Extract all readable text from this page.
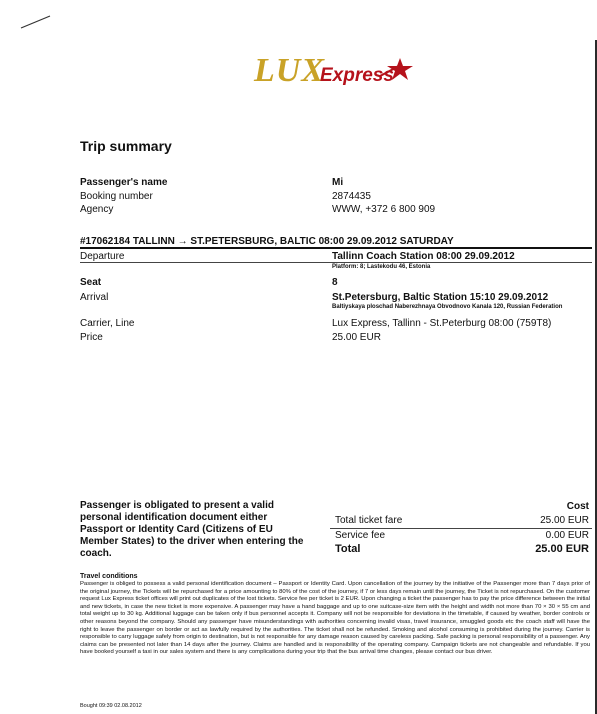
LUX
Express
Trip summary
Passenger's name	Mi
Booking number	2874435
Agency	WWW, +372 6 800 909
#17062184 TALLINN → ST.PETERSBURG, BALTIC 08:00 29.09.2012 SATURDAY
Departure	Tallinn Coach Station 08:00 29.09.2012
Platform: 8; Lastekodu 46, Estonia
Seat	8
Arrival	St.Petersburg, Baltic Station 15:10 29.09.2012
Baltiyskaya ploschad Naberezhnaya Obvodnovo Kanala 120, Russian Federation
Carrier, Line	Lux Express, Tallinn - St.Peterburg 08:00 (759T8)
Price	25.00 EUR
Passenger is obligated to present a valid personal identification document either Passport or Identity Card (Citizens of EU Member States) to the driver when entering the coach.
Cost
Total ticket fare	25.00 EUR
Service fee	0.00 EUR
Total	25.00 EUR
Travel conditions
Passenger is obliged to possess a valid personal identification document – Passport or Identity Card. Upon cancellation of the journey by the initiative of the Passenger more than 7 days prior of the original journey, the Tickets will be repurchased for a price amounting to 80% of the cost of the journey, if 7 or less days remain until the journey, the Ticket is not repurchased. On the customer request Lux Express ticket offices will print out duplicates of the lost tickets. Service fee per ticket is 2 EUR. Upon changing a ticket the passenger has to pay the price difference between the initial and new tickets, in case the new ticket is more expensive. A passenger may have a hand baggage and up to one suitcase-size item with the height and width not more than 70 × 30 × 55 cm and total weight up to 30 kg. Additional luggage can be taken only if bus personnel accepts it. Company will not be responsible for deviations in the timetable, if caused by weather, border controls or other reasons beyond the company. Should any passenger have misunderstandings with authorities concerning invalid visas, travel insurance, smuggled goods etc the coach staff will have the right to leave the passenger on border or act as lawfully required by the authorities. The ticket shall not be refunded. Smoking and alcohol consuming is prohibited during the journey. Carrier is responsible to carry luggage safely from origin to destination, but is not responsible for any damage reason caused by careless packing. Safe packing is personal responsibility of a passenger. Any claims can be presented not later than 14 days after the journey. Claims are handled and is responsibility of the operating company. Campaign tickets are not changeable and refundable. If you have booked yourself a taxi in our sales system and there is any complications during your trip that the bus arrival time changes, please contact our bus driver.
Bought 09:39 02.08.2012
